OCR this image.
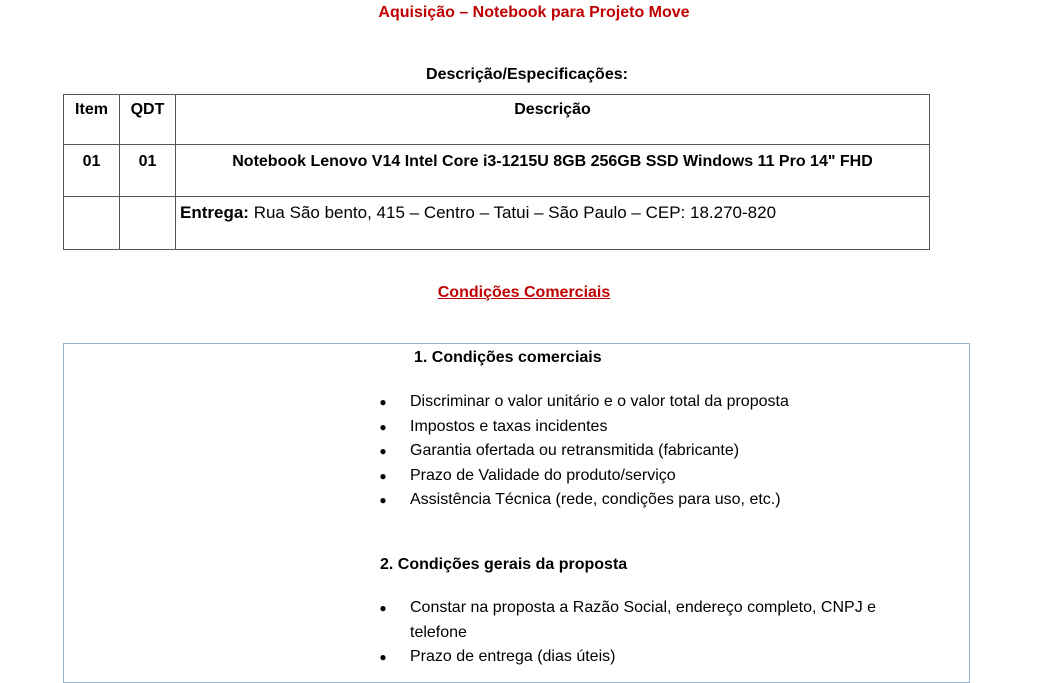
Aquisição – Notebook para Projeto Move
Descrição/Especificações:
Item	QDT	Descrição
01	01	Notebook Lenovo V14 Intel Core i3-1215U 8GB 256GB SSD Windows 11 Pro 14" FHD
		Entrega: Rua São bento, 415 – Centro – Tatui – São Paulo – CEP: 18.270-820
Condições Comerciais
1. Condições comerciais
● Discriminar o valor unitário e o valor total da proposta
● Impostos e taxas incidentes
● Garantia ofertada ou retransmitida (fabricante)
● Prazo de Validade do produto/serviço
● Assistência Técnica (rede, condições para uso, etc.)
2. Condições gerais da proposta
● Constar na proposta a Razão Social, endereço completo, CNPJ e telefone
● Prazo de entrega (dias úteis)
